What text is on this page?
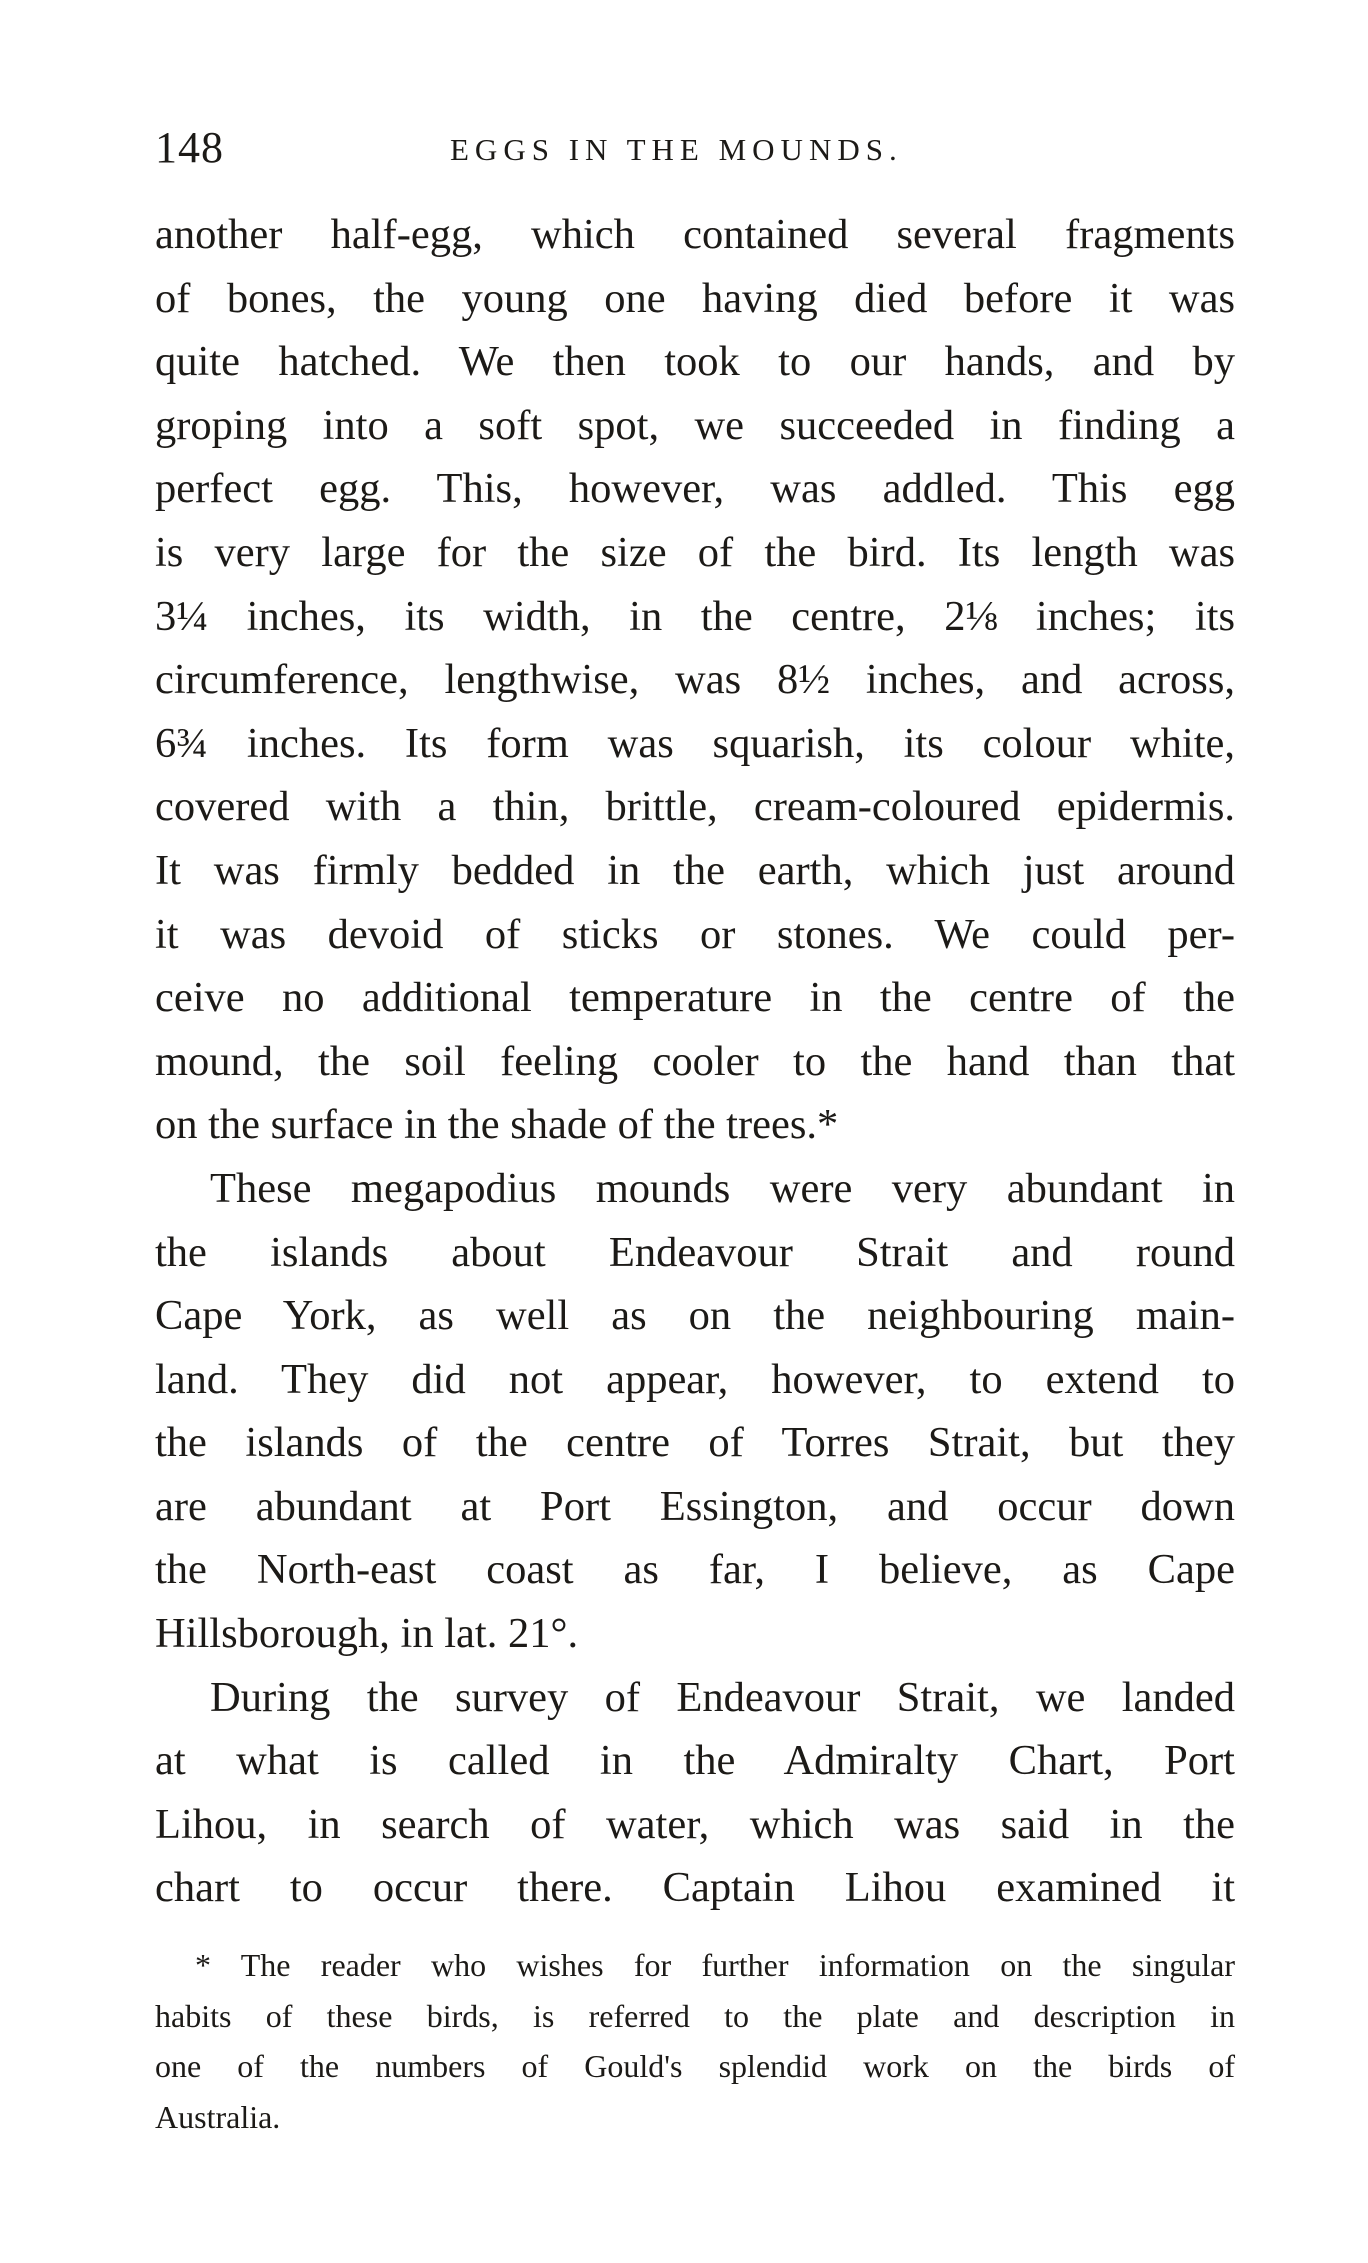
148	EGGS IN THE MOUNDS.
another half-egg, which contained several fragments
of bones, the young one having died before it was
quite hatched. We then took to our hands, and by
groping into a soft spot, we succeeded in finding a
perfect egg. This, however, was addled. This egg
is very large for the size of the bird. Its length was
3¼ inches, its width, in the centre, 2⅛ inches; its
circumference, lengthwise, was 8½ inches, and across,
6¾ inches. Its form was squarish, its colour white,
covered with a thin, brittle, cream-coloured epidermis.
It was firmly bedded in the earth, which just around
it was devoid of sticks or stones. We could per-
ceive no additional temperature in the centre of the
mound, the soil feeling cooler to the hand than that
on the surface in the shade of the trees.*
These megapodius mounds were very abundant in
the islands about Endeavour Strait and round
Cape York, as well as on the neighbouring main-
land. They did not appear, however, to extend to
the islands of the centre of Torres Strait, but they
are abundant at Port Essington, and occur down
the North-east coast as far, I believe, as Cape
Hillsborough, in lat. 21°.
During the survey of Endeavour Strait, we landed
at what is called in the Admiralty Chart, Port
Lihou, in search of water, which was said in the
chart to occur there. Captain Lihou examined it
* The reader who wishes for further information on the singular
habits of these birds, is referred to the plate and description in
one of the numbers of Gould's splendid work on the birds of
Australia.
